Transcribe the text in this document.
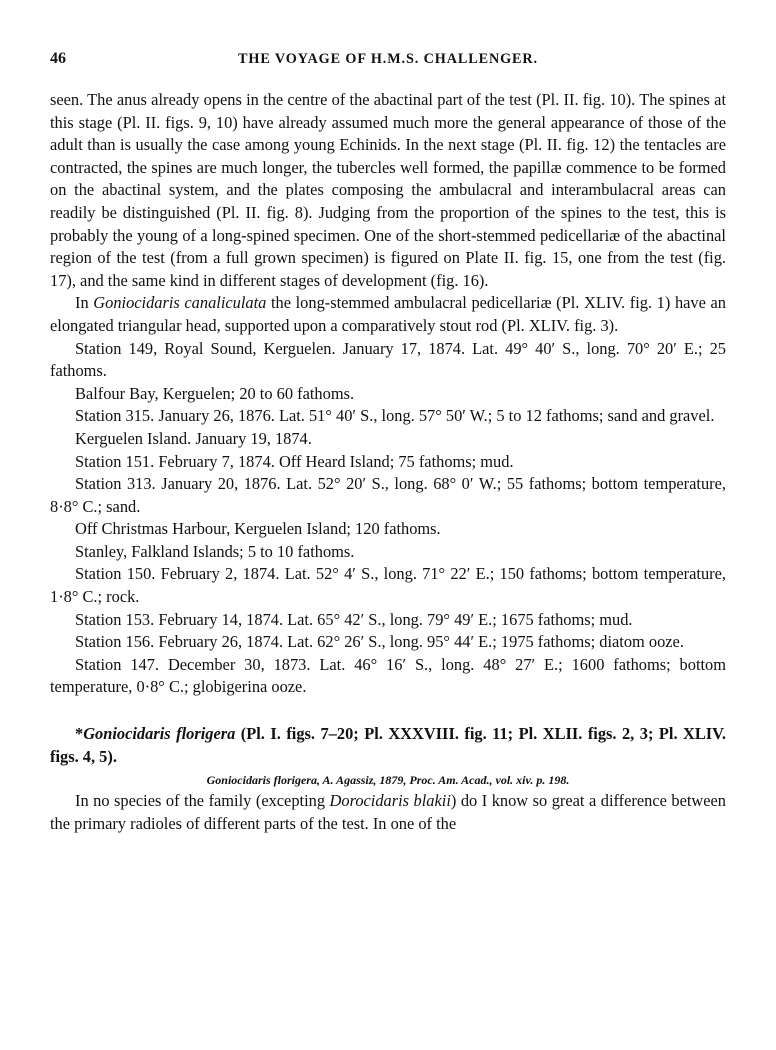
46	THE VOYAGE OF H.M.S. CHALLENGER.

seen. The anus already opens in the centre of the abactinal part of the test (Pl. II. fig. 10). The spines at this stage (Pl. II. figs. 9, 10) have already assumed much more the general appearance of those of the adult than is usually the case among young Echinids. In the next stage (Pl. II. fig. 12) the tentacles are contracted, the spines are much longer, the tubercles well formed, the papillæ commence to be formed on the abactinal system, and the plates composing the ambulacral and interambulacral areas can readily be distinguished (Pl. II. fig. 8). Judging from the proportion of the spines to the test, this is probably the young of a long-spined specimen. One of the short-stemmed pedicellariæ of the abactinal region of the test (from a full grown specimen) is figured on Plate II. fig. 15, one from the test (fig. 17), and the same kind in different stages of development (fig. 16).

In Goniocidaris canaliculata the long-stemmed ambulacral pedicellariæ (Pl. XLIV. fig. 1) have an elongated triangular head, supported upon a comparatively stout rod (Pl. XLIV. fig. 3).

Station 149, Royal Sound, Kerguelen. January 17, 1874. Lat. 49° 40′ S., long. 70° 20′ E.; 25 fathoms.

Balfour Bay, Kerguelen; 20 to 60 fathoms.

Station 315. January 26, 1876. Lat. 51° 40′ S., long. 57° 50′ W.; 5 to 12 fathoms; sand and gravel.

Kerguelen Island. January 19, 1874.

Station 151. February 7, 1874. Off Heard Island; 75 fathoms; mud.

Station 313. January 20, 1876. Lat. 52° 20′ S., long. 68° 0′ W.; 55 fathoms; bottom temperature, 8·8° C.; sand.

Off Christmas Harbour, Kerguelen Island; 120 fathoms.

Stanley, Falkland Islands; 5 to 10 fathoms.

Station 150. February 2, 1874. Lat. 52° 4′ S., long. 71° 22′ E.; 150 fathoms; bottom temperature, 1·8° C.; rock.

Station 153. February 14, 1874. Lat. 65° 42′ S., long. 79° 49′ E.; 1675 fathoms; mud.

Station 156. February 26, 1874. Lat. 62° 26′ S., long. 95° 44′ E.; 1975 fathoms; diatom ooze.

Station 147. December 30, 1873. Lat. 46° 16′ S., long. 48° 27′ E.; 1600 fathoms; bottom temperature, 0·8° C.; globigerina ooze.

*Goniocidaris florigera (Pl. I. figs. 7–20; Pl. XXXVIII. fig. 11; Pl. XLII. figs. 2, 3; Pl. XLIV. figs. 4, 5).

Goniocidaris florigera, A. Agassiz, 1879, Proc. Am. Acad., vol. xiv. p. 198.

In no species of the family (excepting Dorocidaris blakii) do I know so great a difference between the primary radioles of different parts of the test. In one of the
